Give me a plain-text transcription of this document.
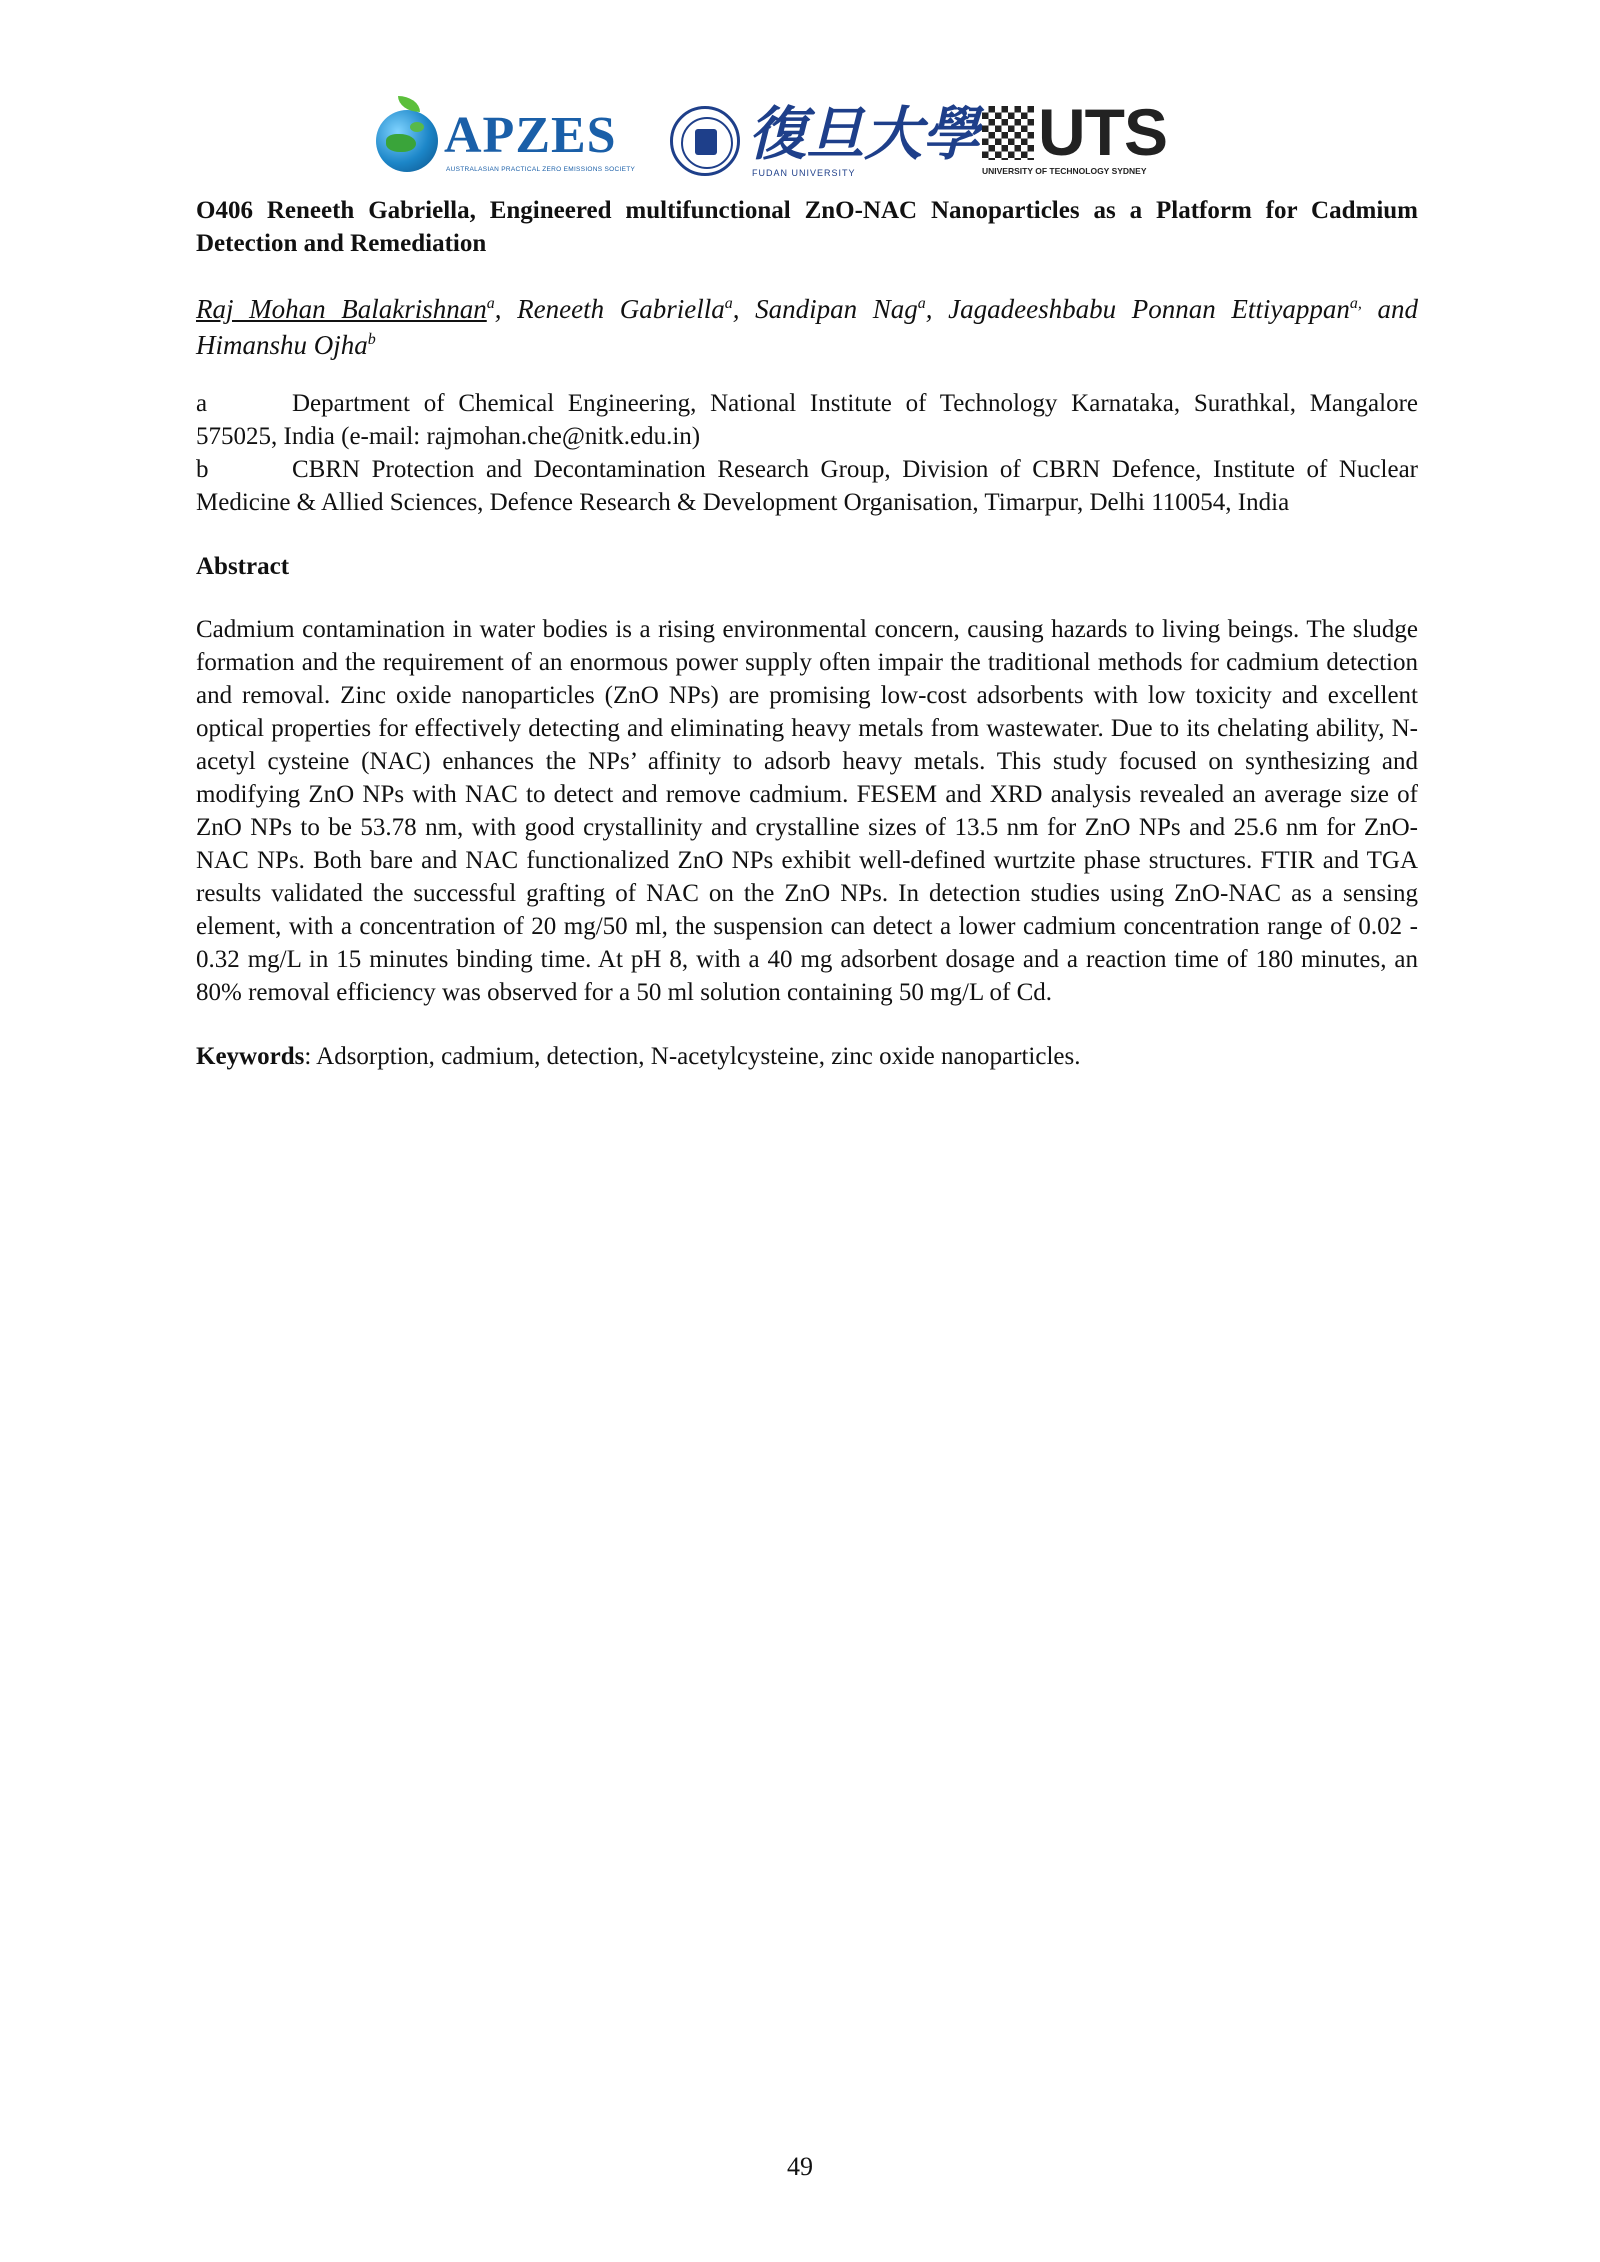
APZES
AUSTRALASIAN PRACTICAL ZERO EMISSIONS SOCIETY
復旦大學
FUDAN UNIVERSITY
UTS
UNIVERSITY OF TECHNOLOGY SYDNEY

O406 Reneeth Gabriella, Engineered multifunctional ZnO-NAC Nanoparticles as a Platform for Cadmium Detection and Remediation

Raj Mohan Balakrishnan$^a$, Reneeth Gabriella$^a$, Sandipan Nag$^a$, Jagadeeshbabu Ponnan Ettiyappan$^{a,}$ and Himanshu Ojha$^b$

a	Department of Chemical Engineering, National Institute of Technology Karnataka, Surathkal, Mangalore 575025, India (e-mail: rajmohan.che@nitk.edu.in)

b	CBRN Protection and Decontamination Research Group, Division of CBRN Defence, Institute of Nuclear Medicine & Allied Sciences, Defence Research & Development Organisation, Timarpur, Delhi 110054, India

Abstract

Cadmium contamination in water bodies is a rising environmental concern, causing hazards to living beings. The sludge formation and the requirement of an enormous power supply often impair the traditional methods for cadmium detection and removal. Zinc oxide nanoparticles (ZnO NPs) are promising low-cost adsorbents with low toxicity and excellent optical properties for effectively detecting and eliminating heavy metals from wastewater. Due to its chelating ability, N-acetyl cysteine (NAC) enhances the NPs’ affinity to adsorb heavy metals. This study focused on synthesizing and modifying ZnO NPs with NAC to detect and remove cadmium. FESEM and XRD analysis revealed an average size of ZnO NPs to be 53.78 nm, with good crystallinity and crystalline sizes of 13.5 nm for ZnO NPs and 25.6 nm for ZnO-NAC NPs. Both bare and NAC functionalized ZnO NPs exhibit well-defined wurtzite phase structures. FTIR and TGA results validated the successful grafting of NAC on the ZnO NPs. In detection studies using ZnO-NAC as a sensing element, with a concentration of 20 mg/50 ml, the suspension can detect a lower cadmium concentration range of 0.02 - 0.32 mg/L in 15 minutes binding time. At pH 8, with a 40 mg adsorbent dosage and a reaction time of 180 minutes, an 80% removal efficiency was observed for a 50 ml solution containing 50 mg/L of Cd.

Keywords: Adsorption, cadmium, detection, N-acetylcysteine, zinc oxide nanoparticles.

49
